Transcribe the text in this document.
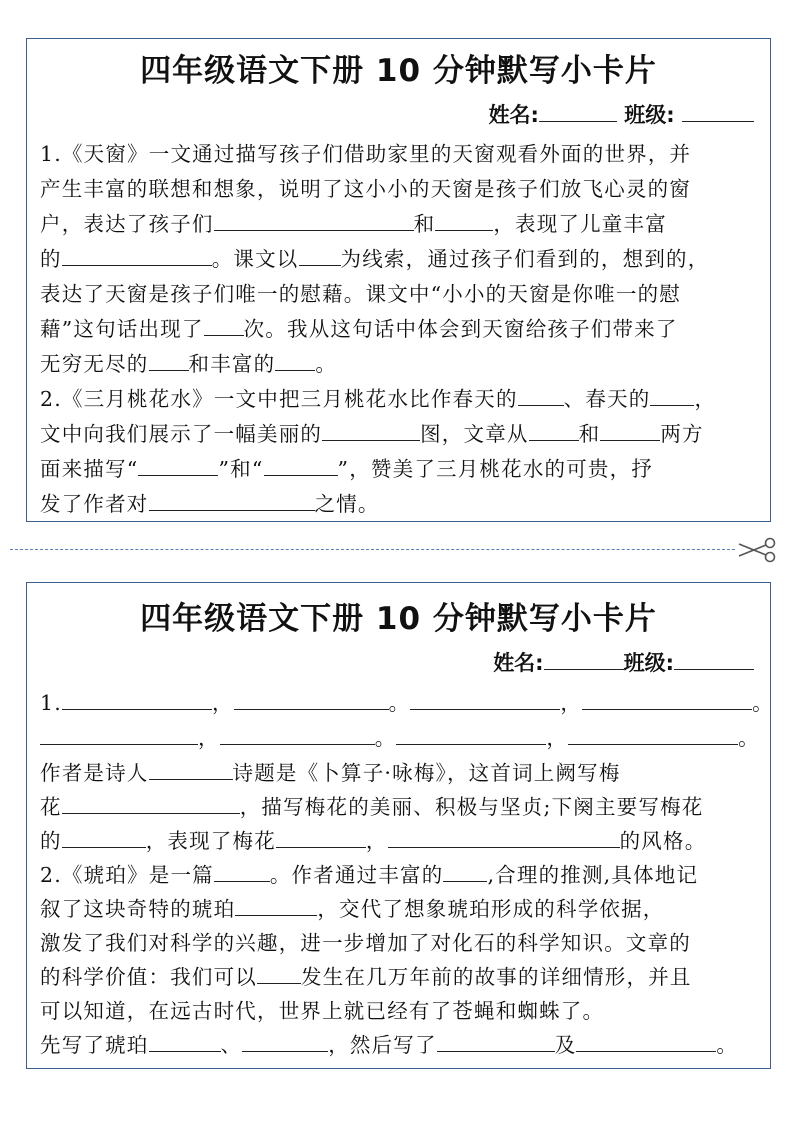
四年级语文下册 10 分钟默写小卡片
姓名:	班级:
1.《天窗》一文通过描写孩子们借助家里的天窗观看外面的世界，并
产生丰富的联想和想象，说明了这小小的天窗是孩子们放飞心灵的窗
户，表达了孩子们	和	，表现了儿童丰富
的	。课文以 为线索，通过孩子们看到的，想到的，
表达了天窗是孩子们唯一的慰藉。课文中“小小的天窗是你唯一的慰
藉”这句话出现了 次。我从这句话中体会到天窗给孩子们带来了
无穷无尽的 和丰富的 。
2.《三月桃花水》一文中把三月桃花水比作春天的 、春天的 ，
文中向我们展示了一幅美丽的	图，文章从 和	两方
面来描写“	”和“	”，赞美了三月桃花水的可贵，抒
发了作者对	之情。
四年级语文下册 10 分钟默写小卡片
姓名:	班级:
1.	，	。	，	。
，	。	，	。
作者是诗人	诗题是《卜算子·咏梅》，这首词上阙写梅
花	，描写梅花的美丽、积极与坚贞;下阕主要写梅花
的	，表现了梅花	，	的风格。
2.《琥珀》是一篇	。作者通过丰富的 ,合理的推测,具体地记
叙了这块奇特的琥珀	，交代了想象琥珀形成的科学依据，
激发了我们对科学的兴趣，进一步增加了对化石的科学知识。文章的
的科学价值：我们可以 发生在几万年前的故事的详细情形，并且
可以知道，在远古时代，世界上就已经有了苍蝇和蜘蛛了。
先写了琥珀	、	，然后写了	及	。
